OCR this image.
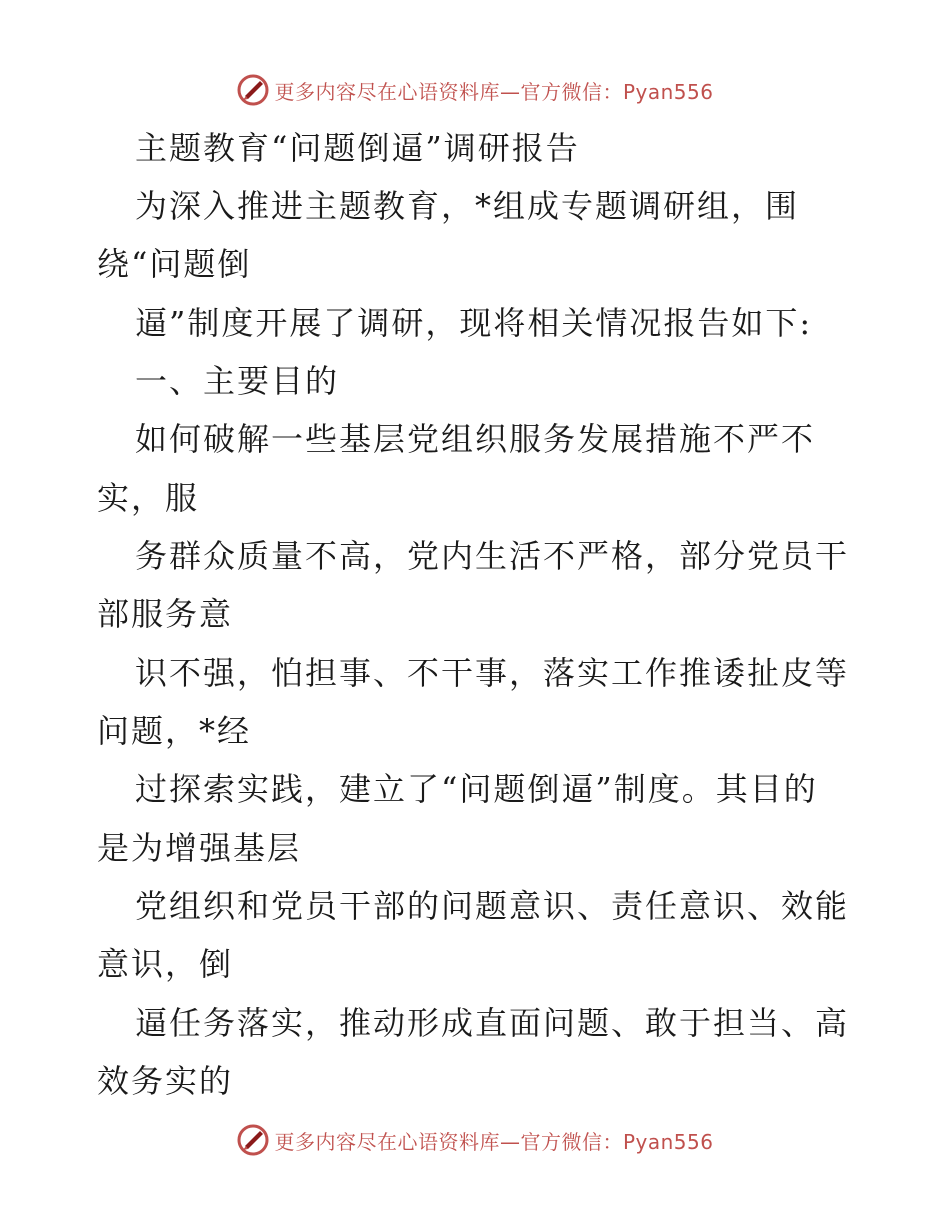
更多内容尽在心语资料库—官方微信：Pyan556

主题教育“问题倒逼”调研报告

为深入推进主题教育，*组成专题调研组，围

绕“问题倒

逼”制度开展了调研，现将相关情况报告如下:

一、主要目的

如何破解一些基层党组织服务发展措施不严不

实，服

务群众质量不高，党内生活不严格，部分党员干

部服务意

识不强，怕担事、不干事，落实工作推诿扯皮等

问题，*经

过探索实践，建立了“问题倒逼”制度。其目的

是为增强基层

党组织和党员干部的问题意识、责任意识、效能

意识，倒

逼任务落实，推动形成直面问题、敢于担当、高

效务实的

更多内容尽在心语资料库—官方微信：Pyan556
